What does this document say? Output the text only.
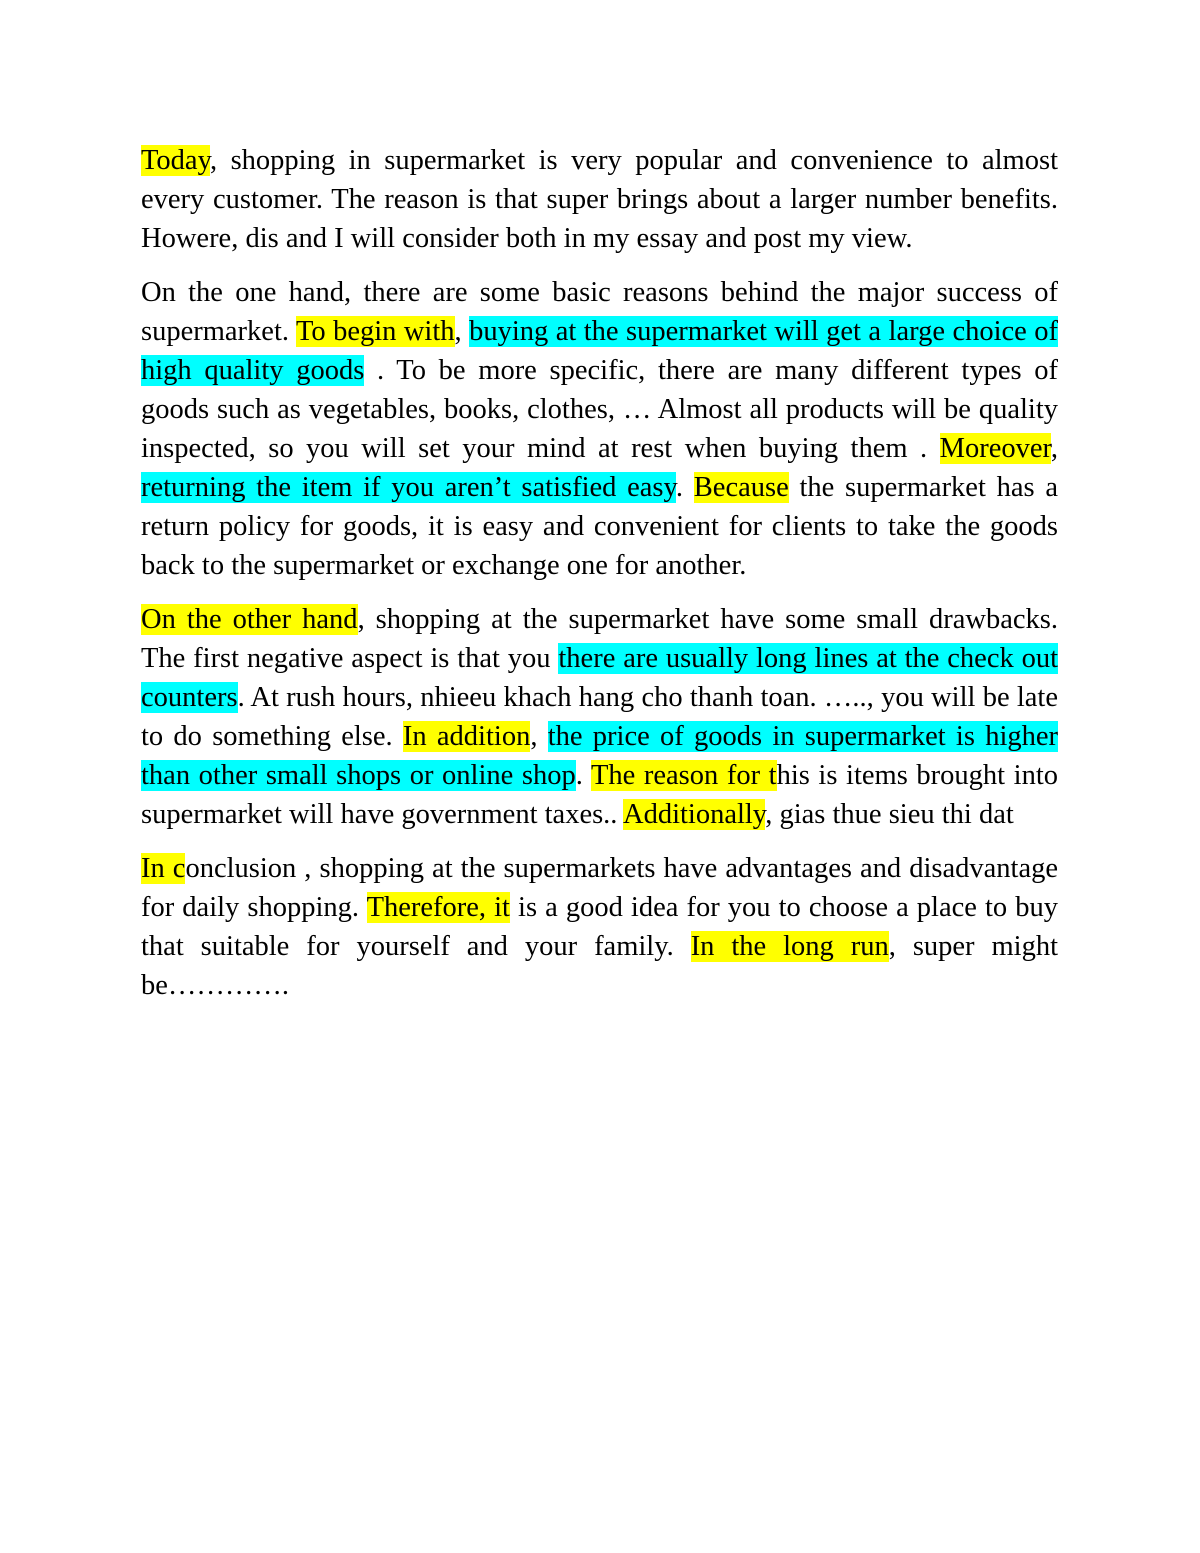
Today, shopping in supermarket is very popular and convenience to almost every customer. The reason is that super brings about a larger number benefits. Howere, dis and I will consider both in my essay and post my view.

On the one hand, there are some basic reasons behind the major success of supermarket. To begin with, buying at the supermarket will get a large choice of high quality goods . To be more specific, there are many different types of goods such as vegetables, books, clothes, … Almost all products will be quality inspected, so you will set your mind at rest when buying them . Moreover, returning the item if you aren’t satisfied easy. Because the supermarket has a return policy for goods, it is easy and convenient for clients to take the goods back to the supermarket or exchange one for another.

On the other hand, shopping at the supermarket have some small drawbacks. The first negative aspect is that you there are usually long lines at the check out counters. At rush hours, nhieeu khach hang cho thanh toan. ….., you will be late to do something else. In addition, the price of goods in supermarket is higher than other small shops or online shop. The reason for this is items brought into supermarket will have government taxes.. Additionally, gias thue sieu thi dat

In conclusion , shopping at the supermarkets have advantages and disadvantage for daily shopping. Therefore, it is a good idea for you to choose a place to buy that suitable for yourself and your family. In the long run, super might be………….
